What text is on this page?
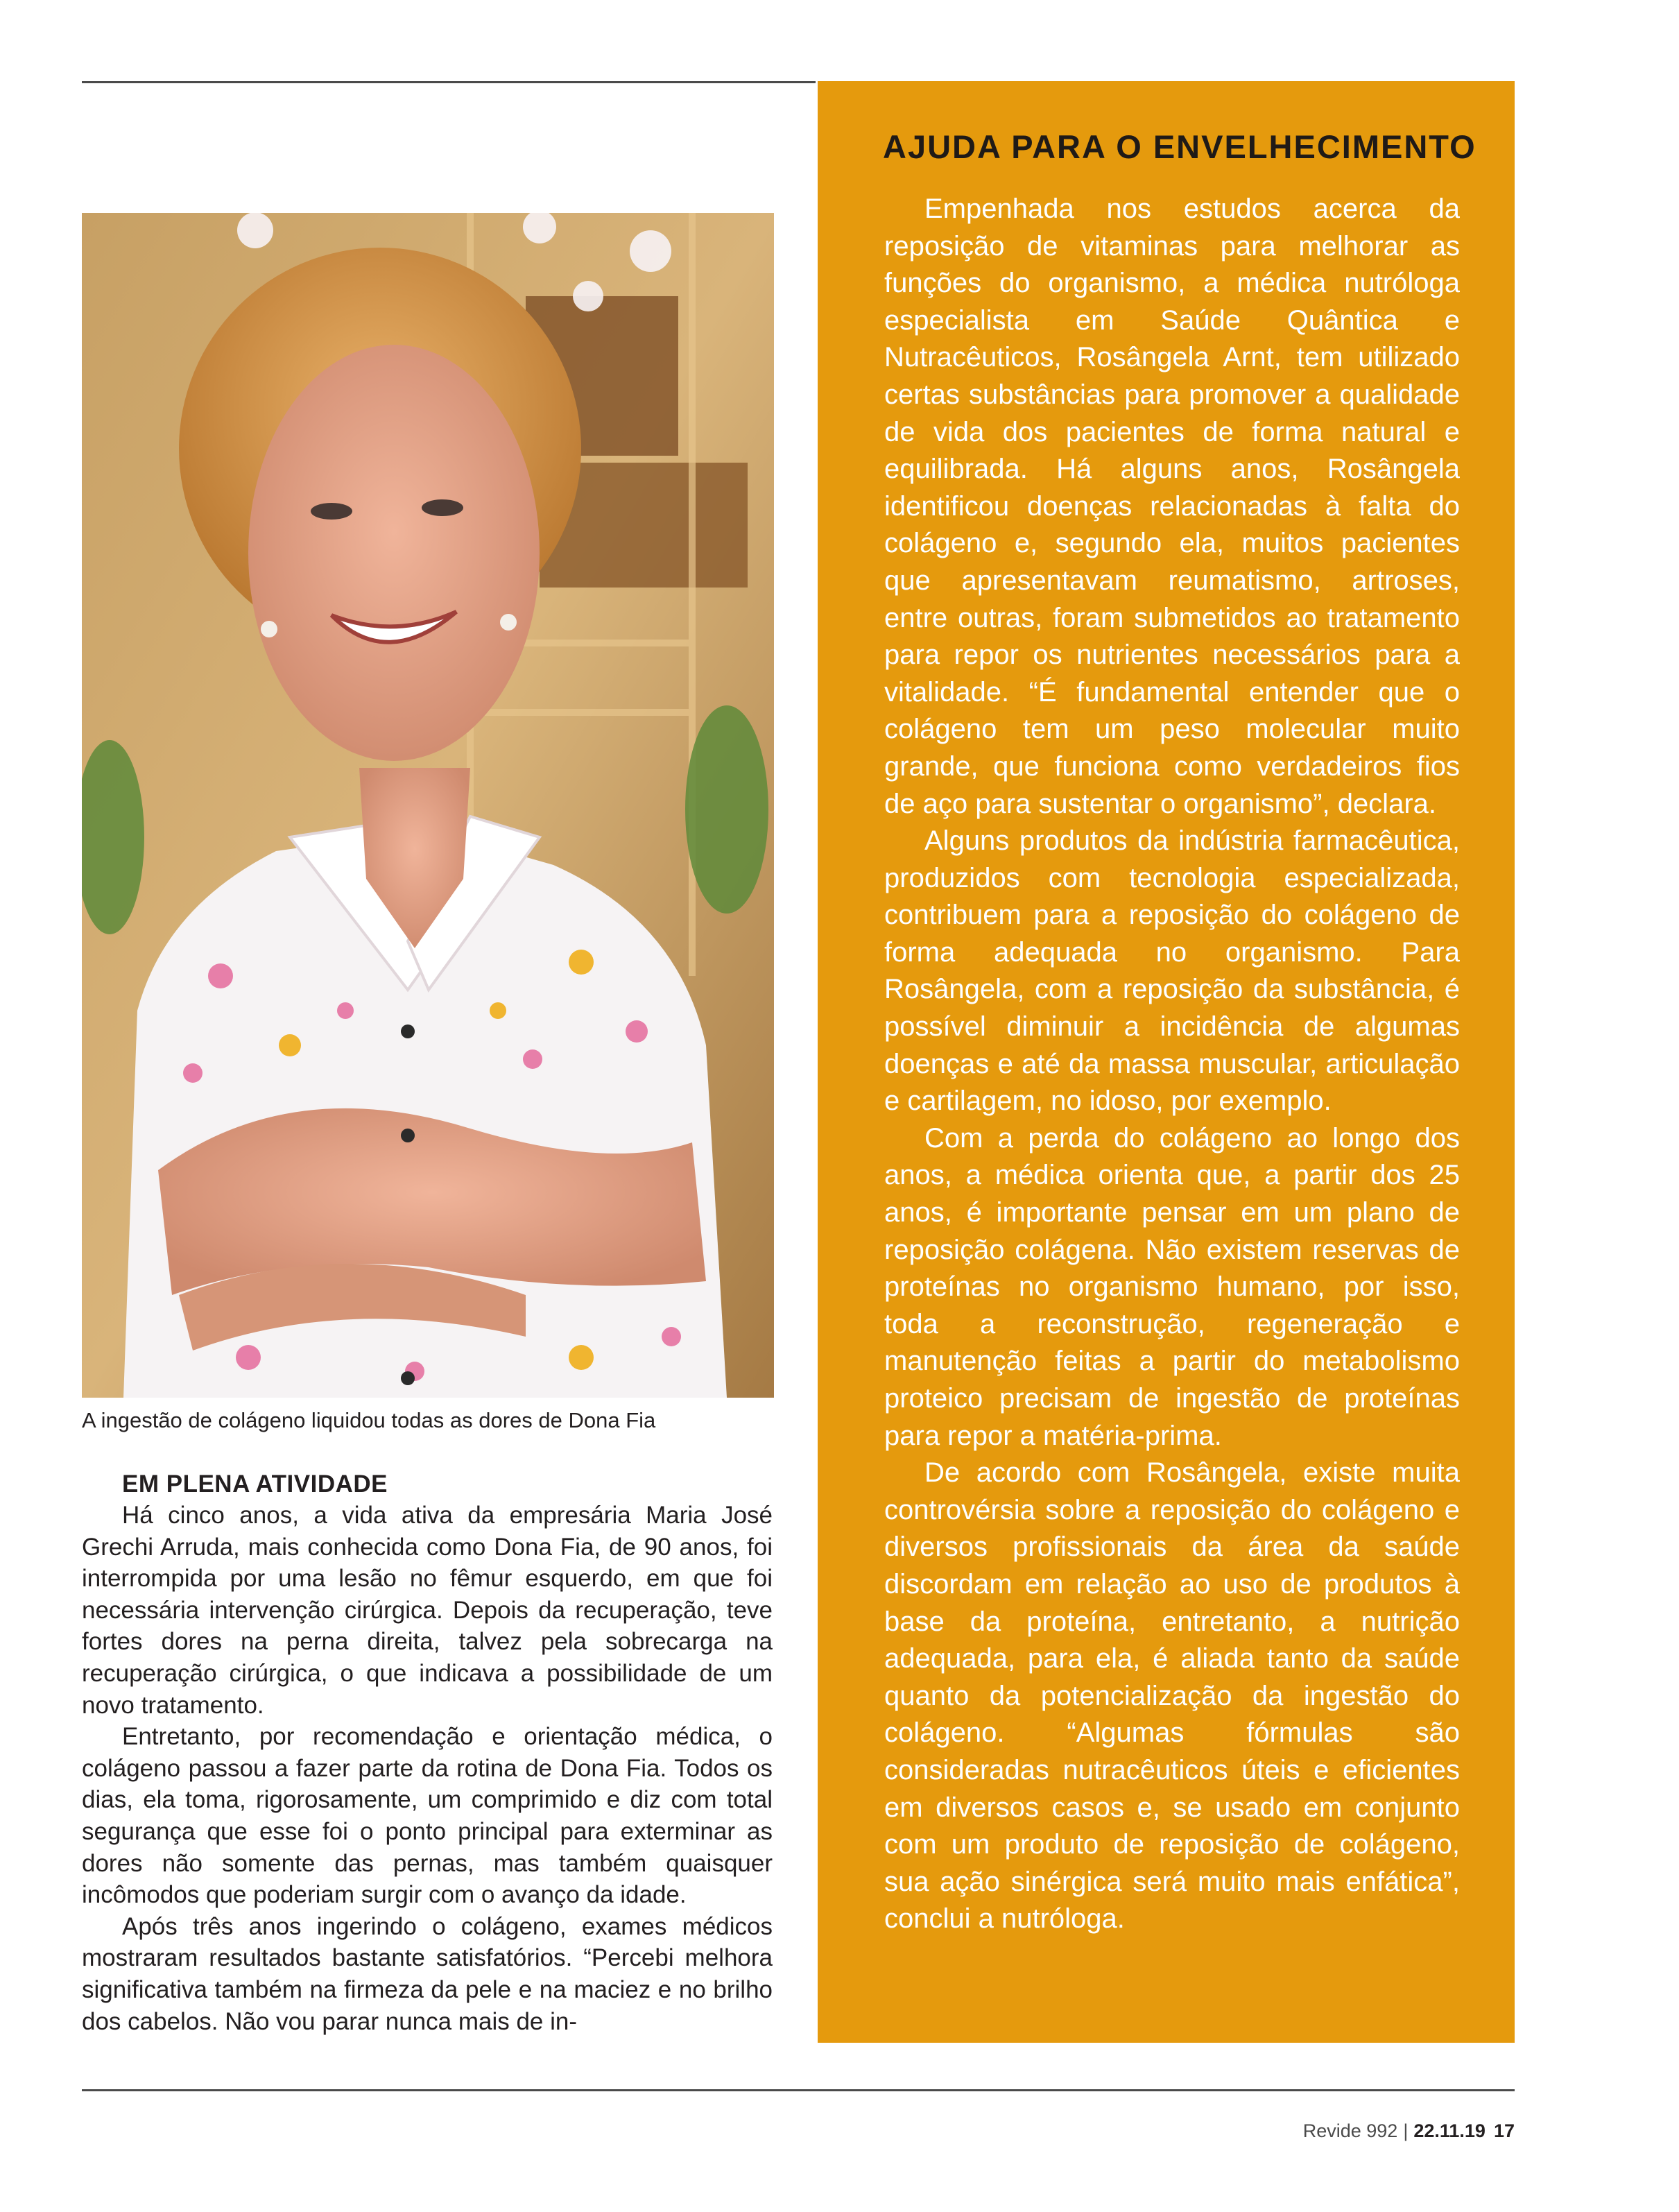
A ingestão de colágeno liquidou todas as dores de Dona Fia
EM PLENA ATIVIDADE

Há cinco anos, a vida ativa da empresária Maria José Grechi Arruda, mais conhecida como Dona Fia, de 90 anos, foi interrompida por uma lesão no fêmur esquerdo, em que foi necessária intervenção cirúrgica. Depois da recuperação, teve fortes dores na perna direita, talvez pela sobrecarga na recuperação cirúrgica, o que indicava a possibilidade de um novo tratamento.

Entretanto, por recomendação e orientação médica, o colágeno passou a fazer parte da rotina de Dona Fia. Todos os dias, ela toma, rigorosamente, um comprimido e diz com total segurança que esse foi o ponto principal para exterminar as dores não somente das pernas, mas também quaisquer incômodos que poderiam surgir com o avanço da idade.

Após três anos ingerindo o colágeno, exames médicos mostraram resultados bastante satisfatórios. “Percebi melhora significativa também na firmeza da pele e na maciez e no brilho dos cabelos. Não vou parar nunca mais de in-

AJUDA PARA O ENVELHECIMENTO

Empenhada nos estudos acerca da reposição de vitaminas para melhorar as funções do organismo, a médica nutróloga especialista em Saúde Quântica e Nutracêuticos, Rosângela Arnt, tem utilizado certas substâncias para promover a qualidade de vida dos pacientes de forma natural e equilibrada. Há alguns anos, Rosângela identificou doenças relacionadas à falta do colágeno e, segundo ela, muitos pacientes que apresentavam reumatismo, artroses, entre outras, foram submetidos ao tratamento para repor os nutrientes necessários para a vitalidade. “É fundamental entender que o colágeno tem um peso molecular muito grande, que funciona como verdadeiros fios de aço para sustentar o organismo”, declara.

Alguns produtos da indústria farmacêutica, produzidos com tecnologia especializada, contribuem para a reposição do colágeno de forma adequada no organismo. Para Rosângela, com a reposição da substância, é possível diminuir a incidência de algumas doenças e até da massa muscular, articulação e cartilagem, no idoso, por exemplo.

Com a perda do colágeno ao longo dos anos, a médica orienta que, a partir dos 25 anos, é importante pensar em um plano de reposição colágena. Não existem reservas de proteínas no organismo humano, por isso, toda a reconstrução, regeneração e manutenção feitas a partir do metabolismo proteico precisam de ingestão de proteínas para repor a matéria-prima.

De acordo com Rosângela, existe muita controvérsia sobre a reposição do colágeno e diversos profissionais da área da saúde discordam em relação ao uso de produtos à base da proteína, entretanto, a nutrição adequada, para ela, é aliada tanto da saúde quanto da potencialização da ingestão do colágeno. “Algumas fórmulas são consideradas nutracêuticos úteis e eficientes em diversos casos e, se usado em conjunto com um produto de reposição de colágeno, sua ação sinérgica será muito mais enfática”, conclui a nutróloga.

Revide 992 | 22.11.19 17
